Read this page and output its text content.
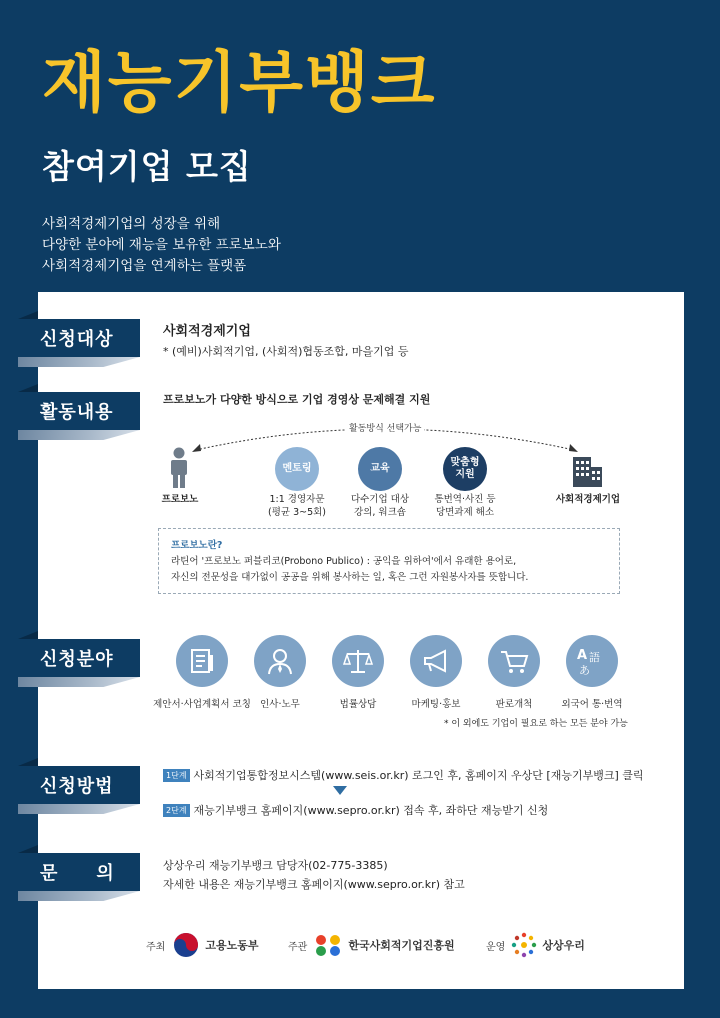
재능기부뱅크
참여기업 모집
사회적경제기업의 성장을 위해
다양한 분야에 재능을 보유한 프로보노와
사회적경제기업을 연계하는 플랫폼
신청대상	사회적경제기업
* (예비)사회적기업, (사회적)협동조합, 마을기업 등
활동내용
프로보노가 다양한 방식으로 기업 경영상 문제해결 지원
활동방식 선택가능
프로보노
멘토링
1:1 경영자문
(평균 3~5회)
교육
다수기업 대상
강의, 워크숍
맞춤형
지원
통번역·사진 등
당면과제 해소
사회적경제기업
프로보노란?
라틴어 '프로보노 퍼블리코(Probono Publico) : 공익을 위하여'에서 유래한 용어로,
자신의 전문성을 대가없이 공공을 위해 봉사하는 일, 혹은 그런 자원봉사자를 뜻합니다.
신청분야
제안서·사업계획서 코칭 인사·노무	법률상담	마케팅·홍보	판로개척
A 語
あ
외국어 통·번역
* 이 외에도 기업이 필요로 하는 모든 분야 가능
신청방법
1단계 사회적기업통합정보시스템(www.seis.or.kr) 로그인 후, 홈페이지 우상단 [재능기부뱅크] 클릭
2단계 재능기부뱅크 홈페이지(www.sepro.or.kr) 접속 후, 좌하단 재능받기 신청
문　　의	상상우리 재능기부뱅크 담당자(02-775-3385)
자세한 내용은 재능기부뱅크 홈페이지(www.sepro.or.kr) 참고
주최	고용노동부	주관	한국사회적기업진흥원	운영	상상우리
